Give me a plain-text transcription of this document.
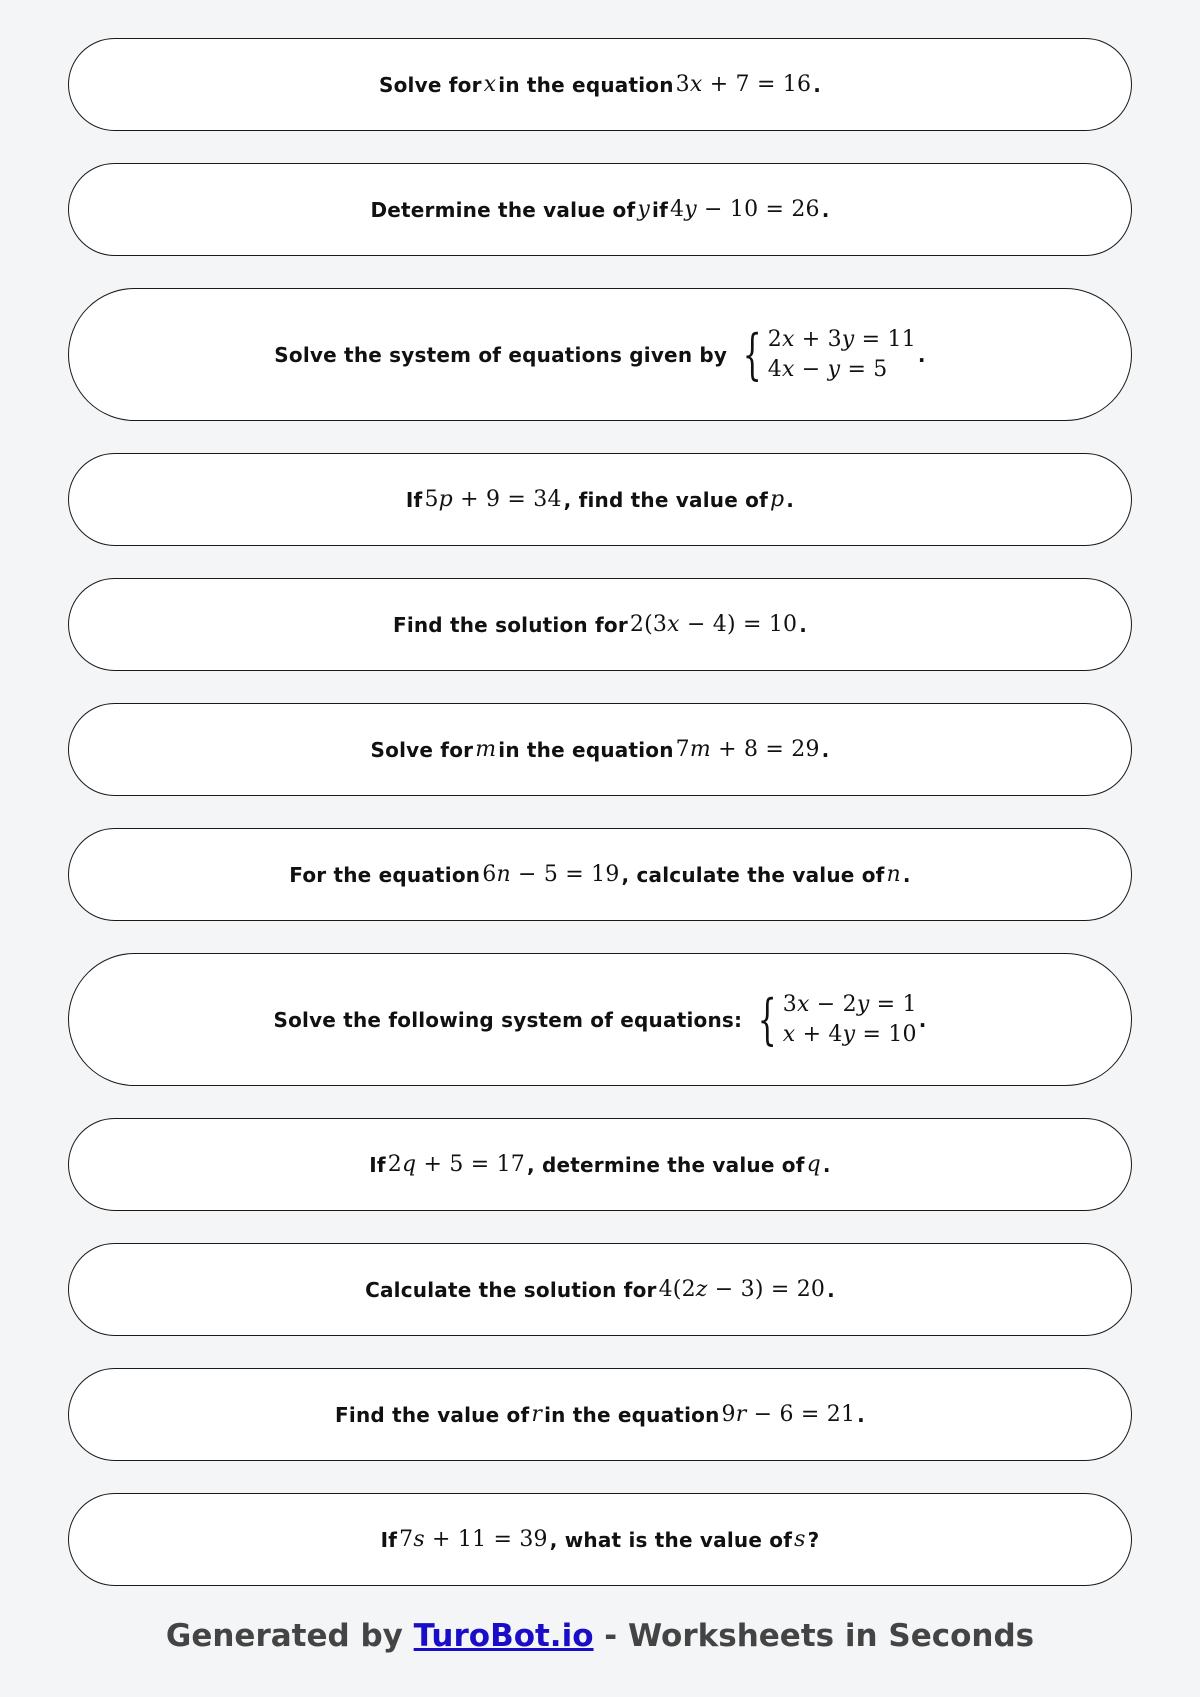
Solve for x in the equation 3x + 7 = 16 .
Determine the value of y if 4y − 10 = 26 .
Solve the system of equations given by { 2x + 3y = 11
4x − y = 5
.
If 5p + 9 = 34 , find the value of p .
Find the solution for 2(3x − 4) = 10 .
Solve for m in the equation 7m + 8 = 29 .
For the equation 6n − 5 = 19 , calculate the value of n .
Solve the following system of equations: { 3x − 2y = 1
x + 4y = 10
.
If 2q + 5 = 17 , determine the value of q .
Calculate the solution for 4(2z − 3) = 20 .
Find the value of r in the equation 9r − 6 = 21 .
If 7s + 11 = 39 , what is the value of s ?
Generated by TuroBot.io - Worksheets in Seconds
